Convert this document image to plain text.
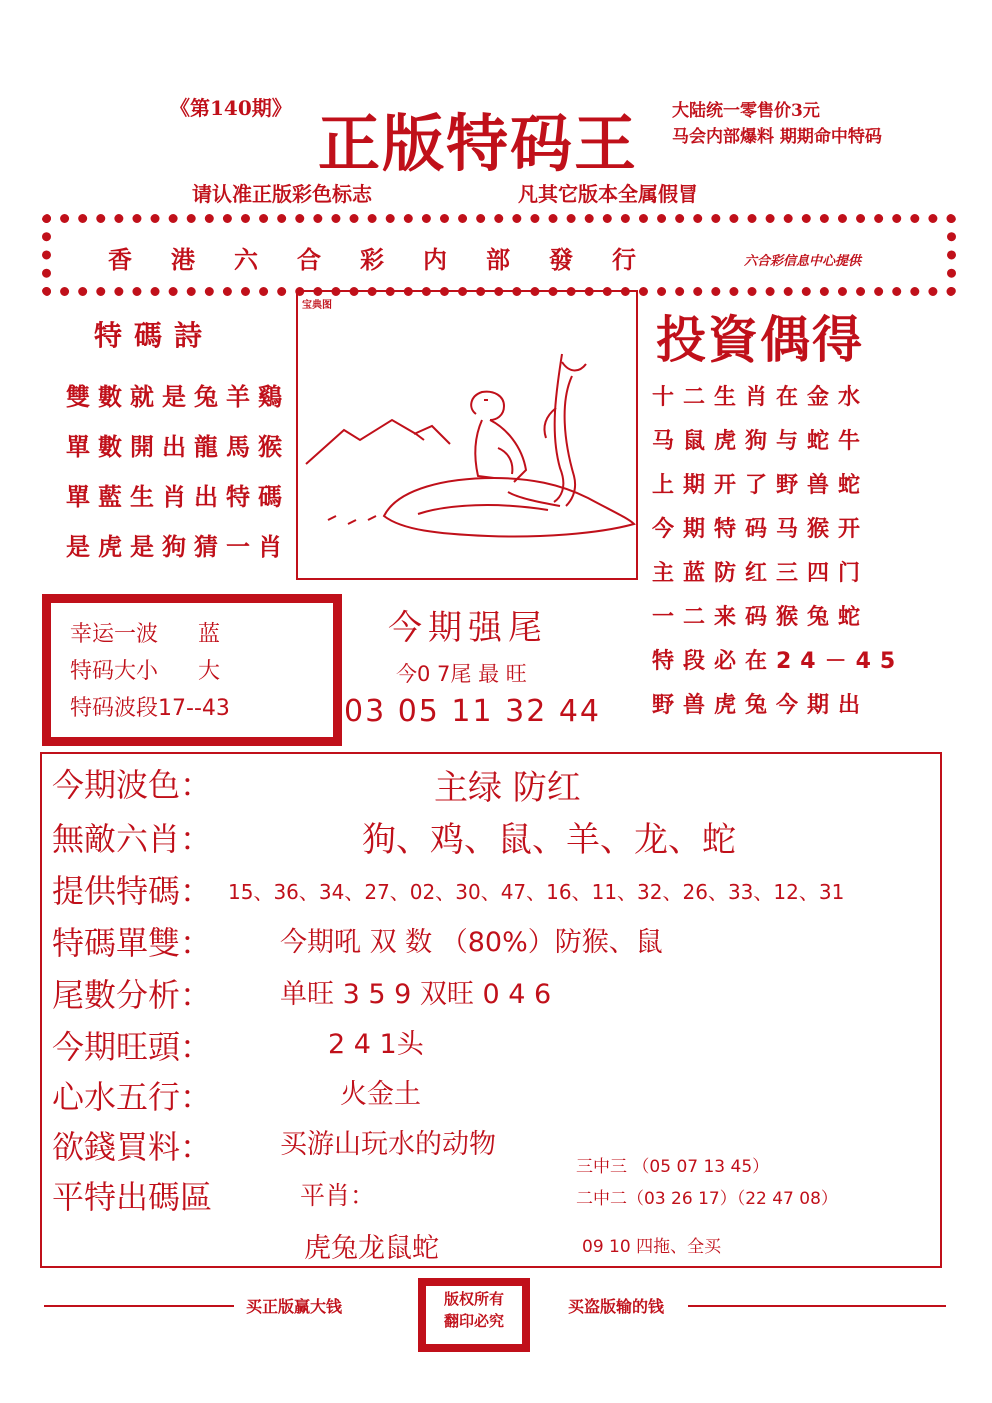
《第140期》 正版特码王 大陆统一零售价3元
马会内部爆料 期期命中特码
请认准正版彩色标志	凡其它版本全属假冒
香港六合彩内部發行	六合彩信息中心提供
特碼詩
雙數就是兔羊鷄
單數開出龍馬猴
單藍生肖出特碼
是虎是狗猜一肖
宝典图
投資偶得
十二生肖在金水
马鼠虎狗与蛇牛
上期开了野兽蛇
今期特码马猴开
主蓝防红三四门
一二来码猴兔蛇
特段必在24－45
野兽虎兔今期出
幸运一波 蓝
特码大小 大
特码波段17--43
今期强尾
今0 7尾 最 旺
03 05 11 32 44
今期波色：	主绿 防红
無敵六肖：	狗、鸡、鼠、羊、龙、蛇
提供特碼： 15、36、34、27、02、30、47、16、11、32、26、33、12、31
特碼單雙：	今期吼 双 数 （80%）防猴、鼠
尾數分析：	单旺 3 5 9 双旺 0 4 6
今期旺頭：	2 4 1头
心水五行：	火金土
欲錢買料：	买游山玩水的动物
平特出碼區	平肖：
虎兔龙鼠蛇
三中三 （05 07 13 45）
二中二（03 26 17）（22 47 08）
09 10 四拖、全买
买正版赢大钱	版权所有
翻印必究
买盗版输的钱
